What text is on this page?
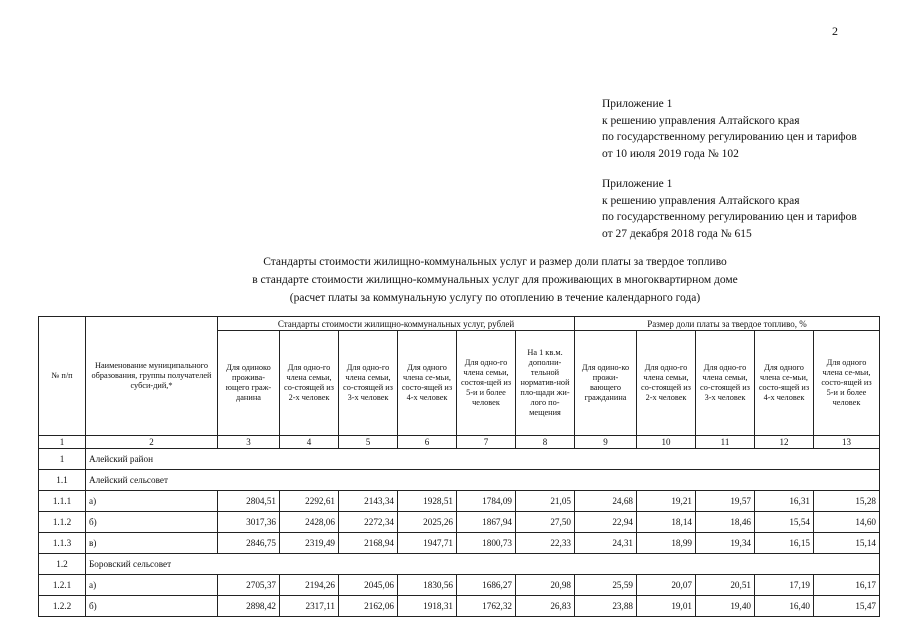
2
Приложение 1
к решению управления Алтайского края
по государственному регулированию цен и тарифов
от 10 июля 2019 года № 102
Приложение 1
к решению управления Алтайского края
по государственному регулированию цен и тарифов
от 27 декабря 2018 года № 615
Стандарты стоимости жилищно-коммунальных услуг и размер доли платы за твердое топливо
в стандарте стоимости жилищно-коммунальных услуг для проживающих в многоквартирном доме
(расчет платы за коммунальную услугу по отоплению в течение календарного года)
№ п/п	Наименование муниципального образования, группы получателей субси-дий,*	Стандарты стоимости жилищно-коммунальных услуг, рублей						Размер доли платы за твердое топливо, %				
		Для одиноко прожива-ющего граж-данина	Для одно-го члена семьи, со-стоящей из 2-х человек	Для одно-го члена семьи, со-стоящей из 3-х человек	Для одного члена се-мьи, состо-ящей из 4-х человек	Для одно-го члена семьи, состоя-щей из 5-и и более человек	На 1 кв.м. дополни-тельной норматив-ной пло-щади жи-лого по-мещения	Для одино-ко прожи-вающего гражданина	Для одно-го члена семьи, со-стоящей из 2-х человек	Для одно-го члена семьи, со-стоящей из 3-х человек	Для одного члена се-мьи, состо-ящей из 4-х человек	Для одного члена се-мьи, состо-ящей из 5-и и более человек
1	2	3	4	5	6	7	8	9	10	11	12	13
1	Алейский район											
1.1	Алейский сельсовет											
1.1.1	а)	2804,51	2292,61	2143,34	1928,51	1784,09	21,05	24,68	19,21	19,57	16,31	15,28
1.1.2	б)	3017,36	2428,06	2272,34	2025,26	1867,94	27,50	22,94	18,14	18,46	15,54	14,60
1.1.3	в)	2846,75	2319,49	2168,94	1947,71	1800,73	22,33	24,31	18,99	19,34	16,15	15,14
1.2	Боровский сельсовет											
1.2.1	а)	2705,37	2194,26	2045,06	1830,56	1686,27	20,98	25,59	20,07	20,51	17,19	16,17
1.2.2	б)	2898,42	2317,11	2162,06	1918,31	1762,32	26,83	23,88	19,01	19,40	16,40	15,47
